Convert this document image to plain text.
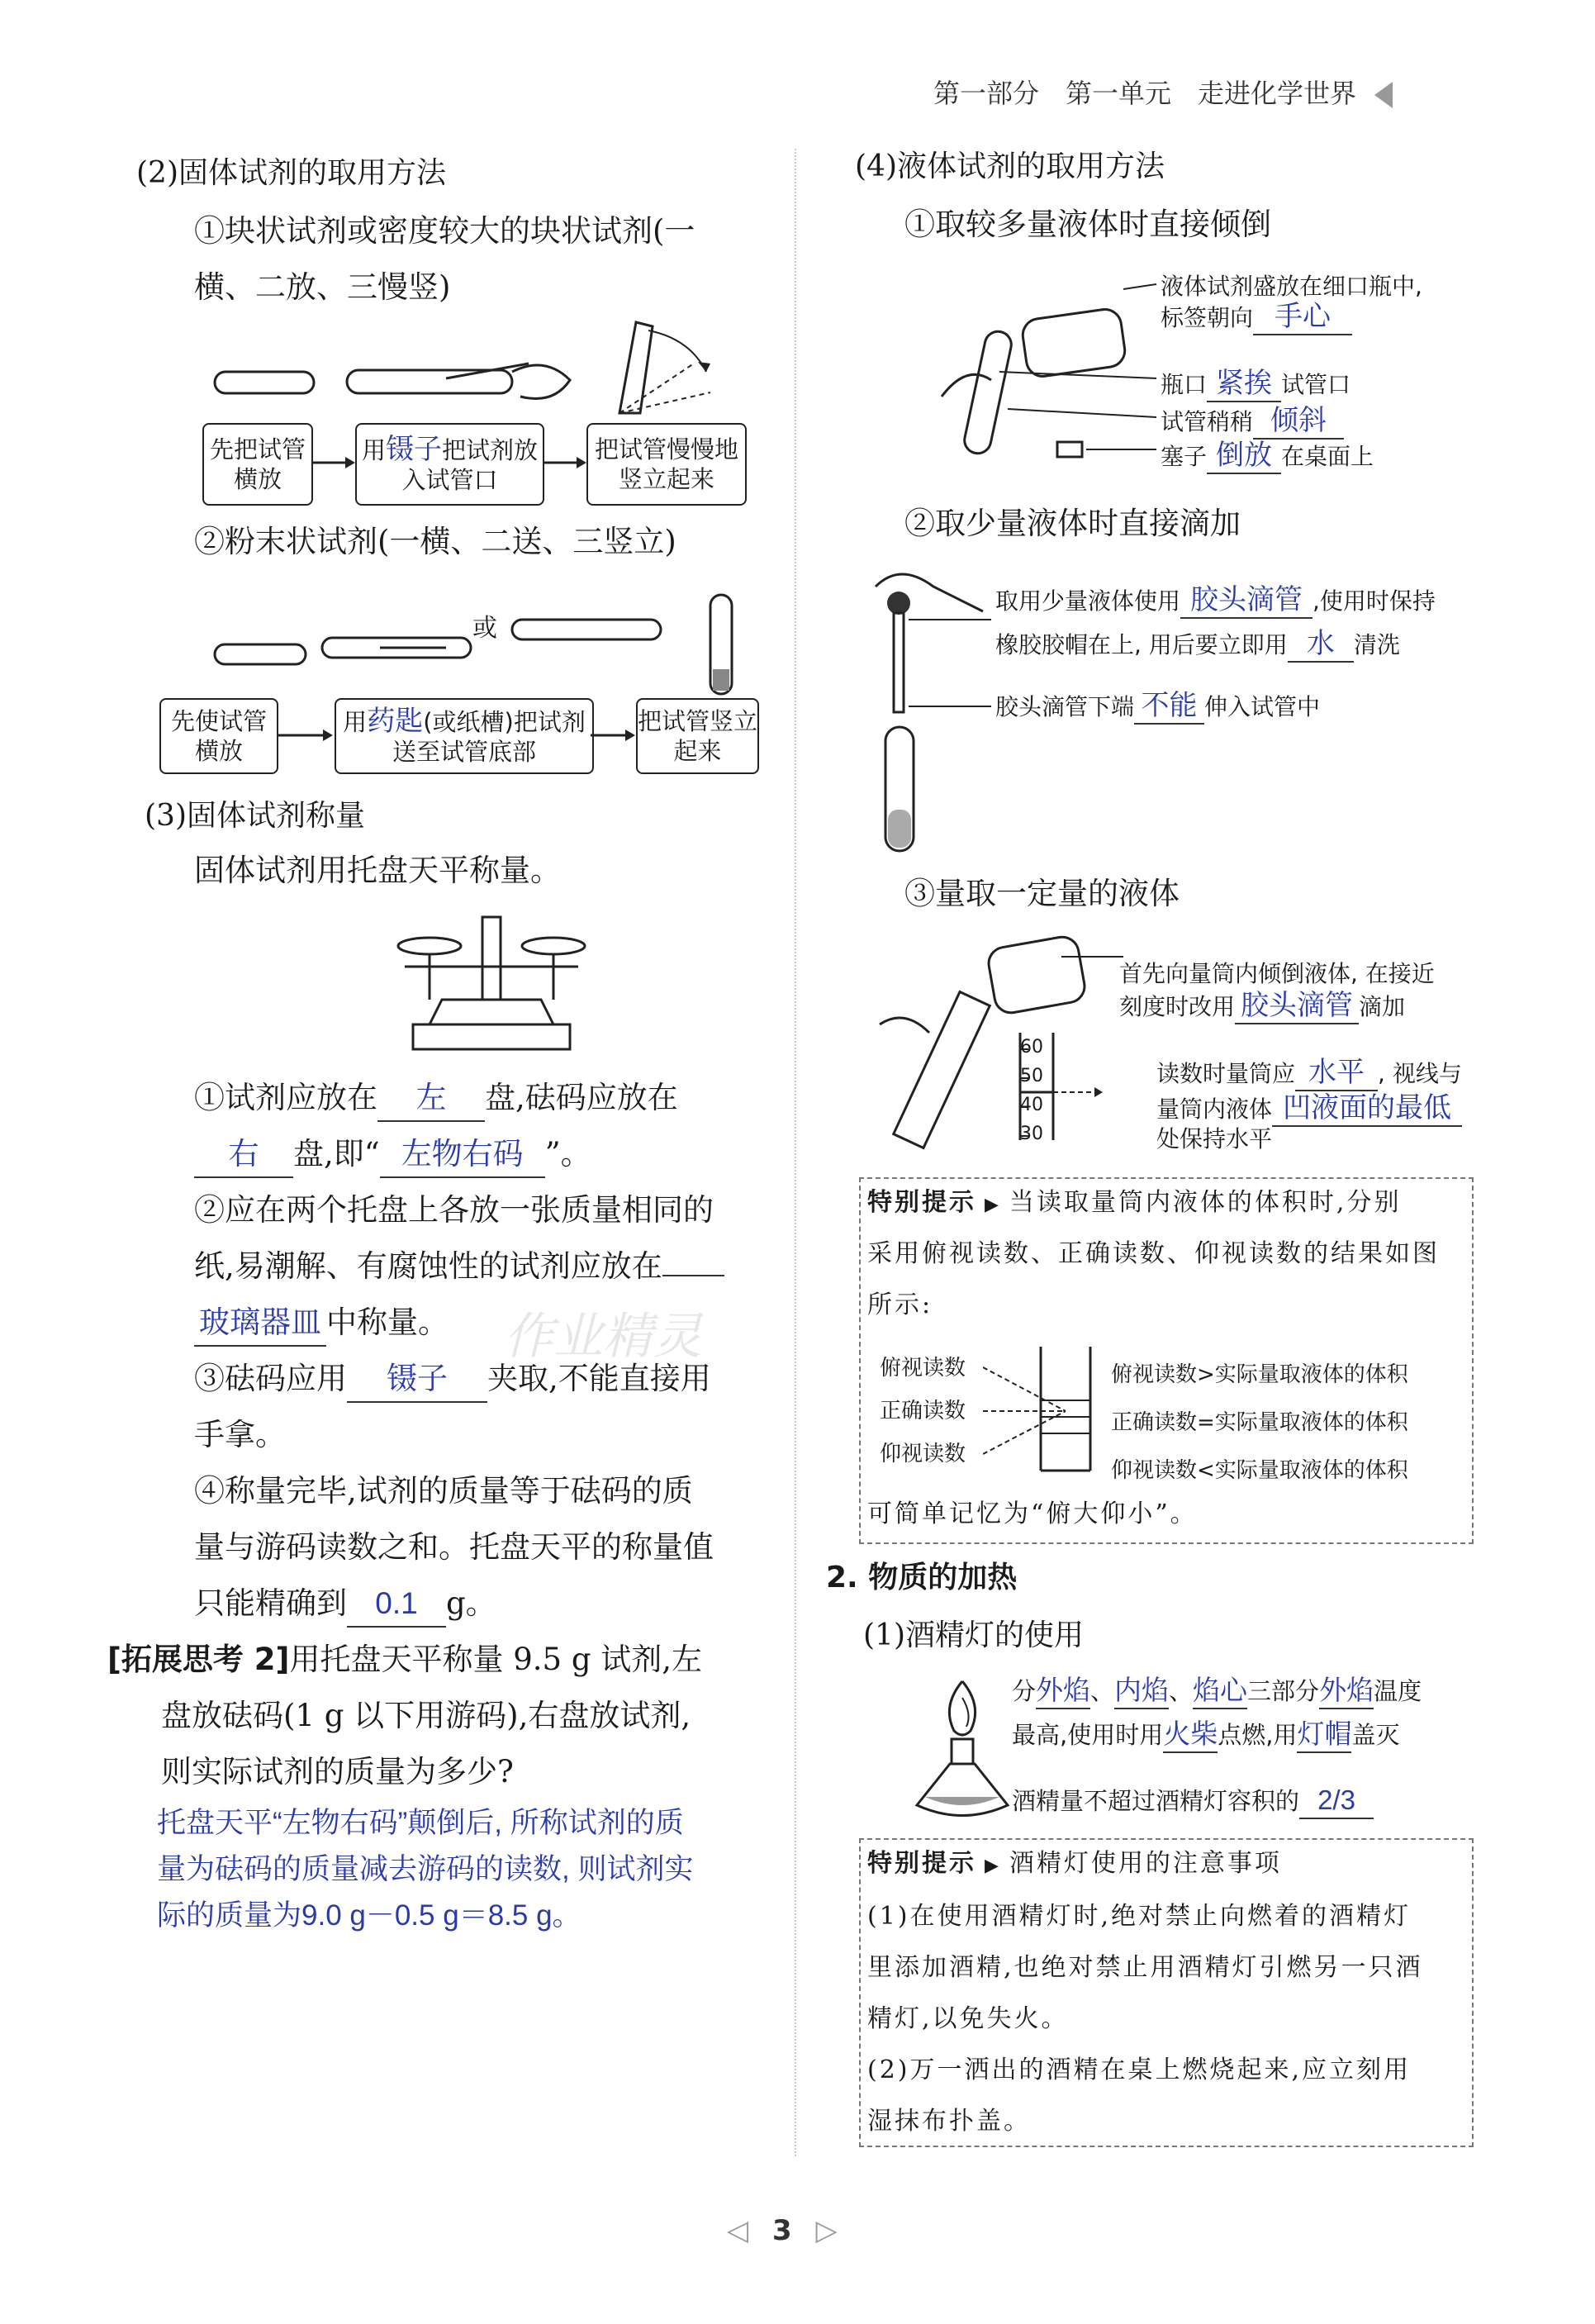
第一部分　第一单元　走进化学世界
(2)固体试剂的取用方法
①块状试剂或密度较大的块状试剂(一
横、二放、三慢竖)
先把试管横放
用镊子把试剂放入试管口
把试管慢慢地竖立起来
②粉末状试剂(一横、二送、三竖立)
或
先使试管横放
用药匙(或纸槽)把试剂送至试管底部
把试管竖立起来
(3)固体试剂称量
固体试剂用托盘天平称量。
①试剂应放在 左 盘,砝码应放在
右 盘,即“ 左物右码 ”。
②应在两个托盘上各放一张质量相同的
纸,易潮解、有腐蚀性的试剂应放在
玻璃器皿 中称量。
③砝码应用 镊子 夹取,不能直接用
手拿。
④称量完毕,试剂的质量等于砝码的质
量与游码读数之和。托盘天平的称量值
只能精确到 0.1 g。
[拓展思考 2]用托盘天平称量 9.5 g 试剂,左
盘放砝码(1 g 以下用游码),右盘放试剂,
则实际试剂的质量为多少?
托盘天平“左物右码”颠倒后, 所称试剂的质
量为砝码的质量减去游码的读数, 则试剂实
际的质量为9.0 g－0.5 g＝8.5 g。
(4)液体试剂的取用方法
①取较多量液体时直接倾倒
液体试剂盛放在细口瓶中,
标签朝向 手心
瓶口 紧挨 试管口
试管稍稍 倾斜
塞子 倒放 在桌面上
②取少量液体时直接滴加
取用少量液体使用 胶头滴管 ,使用时保持
橡胶胶帽在上, 用后要立即用 水 清洗
胶头滴管下端 不能 伸入试管中
③量取一定量的液体
60
50
40
30
首先向量筒内倾倒液体, 在接近
刻度时改用 胶头滴管 滴加
读数时量筒应 水平 , 视线与
量筒内液体 凹液面的最低
处保持水平
特别提示 ▶ 当读取量筒内液体的体积时,分别
采用俯视读数、正确读数、仰视读数的结果如图
所示:
俯视读数
正确读数
仰视读数
俯视读数>实际量取液体的体积
正确读数=实际量取液体的体积
仰视读数<实际量取液体的体积
可简单记忆为“俯大仰小”。
2. 物质的加热
(1)酒精灯的使用
分外焰、内焰、焰心三部分外焰温度
最高,使用时用火柴点燃,用灯帽盖灭
酒精量不超过酒精灯容积的 2/3
特别提示 ▶ 酒精灯使用的注意事项
(1)在使用酒精灯时,绝对禁止向燃着的酒精灯
里添加酒精,也绝对禁止用酒精灯引燃另一只酒
精灯,以免失火。
(2)万一洒出的酒精在桌上燃烧起来,应立刻用
湿抹布扑盖。
作业精灵
◁ 3 ▷
